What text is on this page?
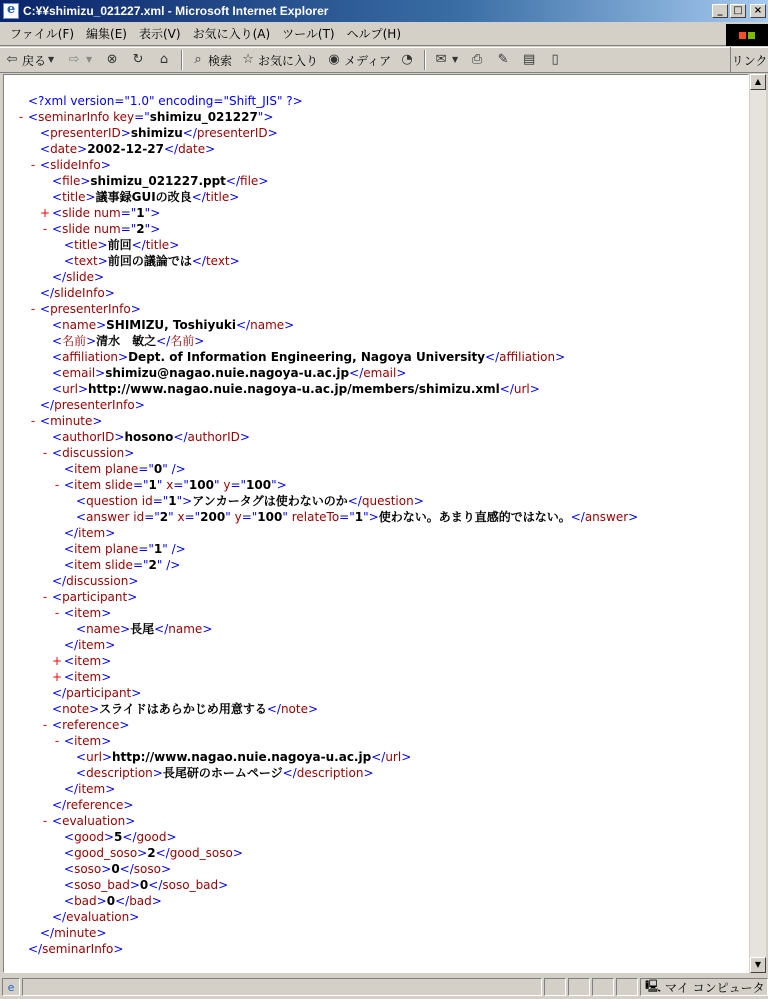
e
C:¥¥shimizu_021227.xml - Microsoft Internet Explorer	_	□	×
ファイル(F)	編集(E)	表示(V)	お気に入り(A)	ツール(T)	ヘルプ(H)
⇦ 戻る ▼ ⇨ ▼ ⊗ ↻ ⌂	⌕ 検索 ☆ お気に入り ◉ メディア ◔ ✉ ▼ ⎙ ✎ ▤	▯	リンク
<?xml version="1.0" encoding="Shift_JIS" ?>
- <seminarInfo key="shimizu_021227">
<presenterID>shimizu</presenterID>
<date>2002-12-27</date>
- <slideInfo>
<file>shimizu_021227.ppt</file>
<title>議事録GUIの改良</title>
+ <slide num="1">
- <slide num="2">
<title>前回</title>
<text>前回の議論では</text>
</slide>
</slideInfo>
- <presenterInfo>
<name>SHIMIZU, Toshiyuki</name>
<名前>清水　敏之</名前>
<affiliation>Dept. of Information Engineering, Nagoya University</affiliation>
<email>shimizu@nagao.nuie.nagoya-u.ac.jp</email>
<url>http://www.nagao.nuie.nagoya-u.ac.jp/members/shimizu.xml</url>
</presenterInfo>
- <minute>
<authorID>hosono</authorID>
- <discussion>
<item plane="0" />
- <item slide="1" x="100" y="100">
<question id="1">アンカータグは使わないのか</question>
<answer id="2" x="200" y="100" relateTo="1">使わない。あまり直感的ではない。</answer>
</item>
<item plane="1" />
<item slide="2" />
</discussion>
- <participant>
- <item>
<name>長尾</name>
</item>
+ <item>
+ <item>
</participant>
<note>スライドはあらかじめ用意する</note>
- <reference>
- <item>
<url>http://www.nagao.nuie.nagoya-u.ac.jp</url>
<description>長尾研のホームページ</description>
</item>
</reference>
- <evaluation>
<good>5</good>
<good_soso>2</good_soso>
<soso>0</soso>
<soso_bad>0</soso_bad>
<bad>0</bad>
</evaluation>
</minute>
</seminarInfo>
▲
▼
e	🖳 マイ コンピュータ
